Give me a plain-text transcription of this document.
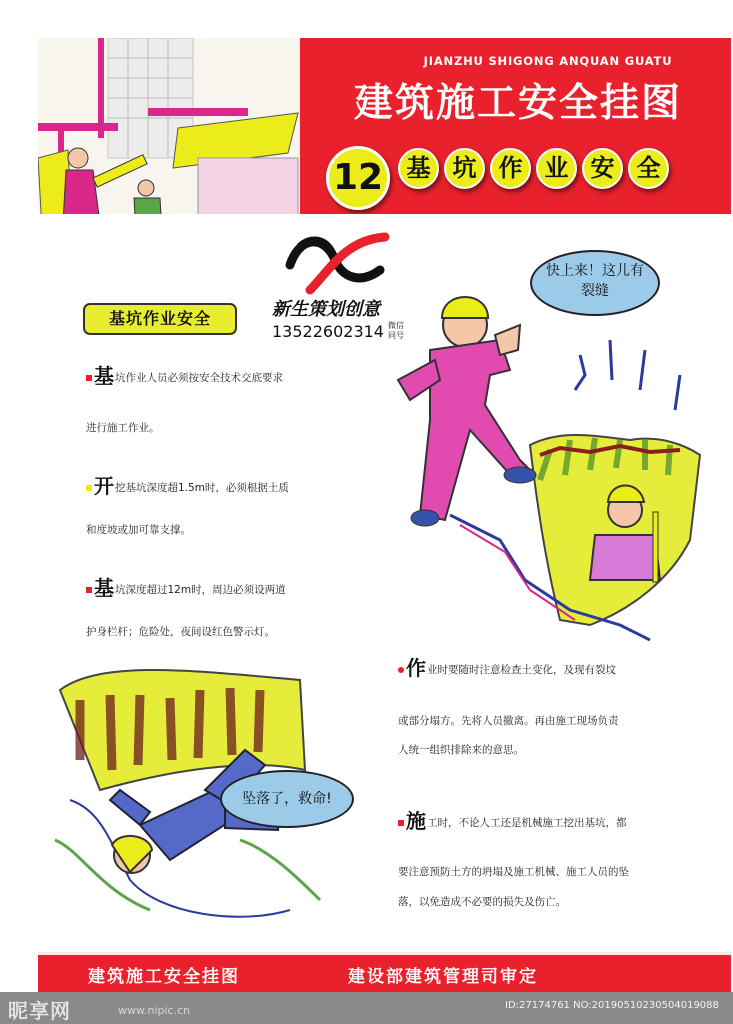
JIANZHU SHIGONG ANQUAN GUATU
建筑施工安全挂图
12 基 坑 作 业 安 全
新生策划创意
13522602314 微信同号
基坑作业安全
基坑作业人员必须按安全技术交底要求
进行施工作业。
开挖基坑深度超1.5m时，必须根据土质
和度坡或加可靠支撑。
基坑深度超过12m时，周边必须设两道
护身栏杆；危险处，夜间设红色警示灯。
作业时要随时注意检查土变化，及现有裂坟
或部分塌方。先将人员撤离。再由施工现场负责
人统一组织排除来的意思。
施工时，不论人工还是机械施工挖出基坑，都
要注意预防土方的坍塌及施工机械、施工人员的坠
落，以免造成不必要的损失及伤亡。
快上来！这儿有裂缝
坠落了，救命!
建筑施工安全挂图	建设部建筑管理司审定
昵享网	www.nipic.cn	ID:27174761 NO:20190510230504019088
